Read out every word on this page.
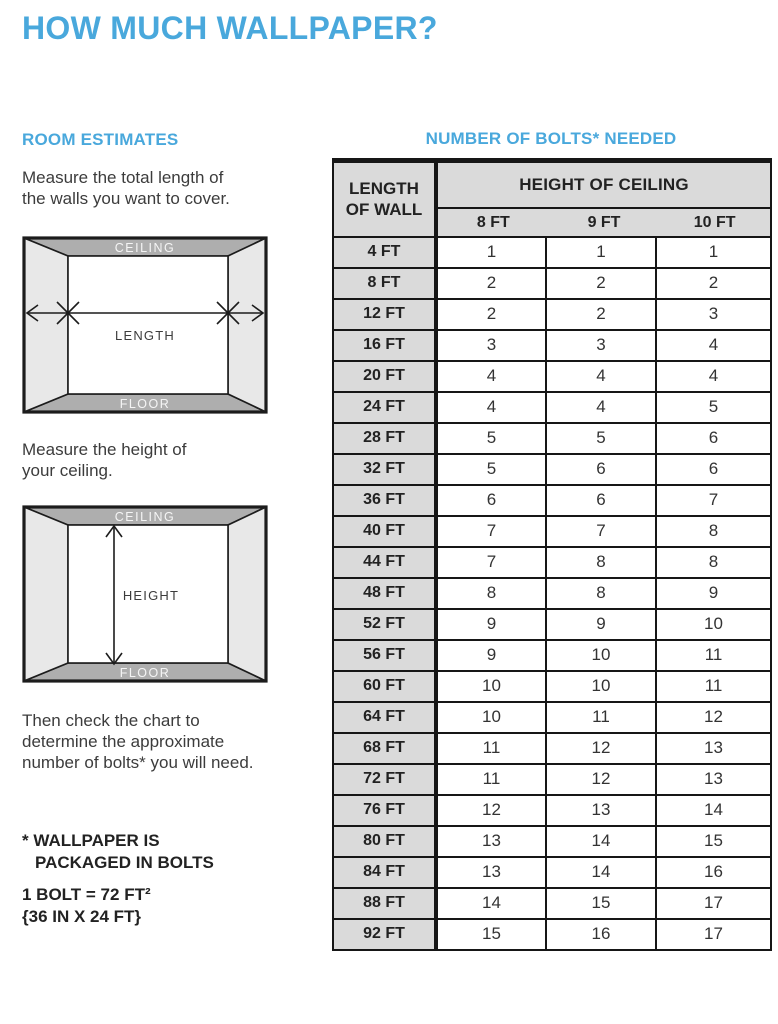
HOW MUCH WALLPAPER?
ROOM ESTIMATES
Measure the total length of
the walls you want to cover.
CEILING
FLOOR
LENGTH
Measure the height of
your ceiling.
CEILING
FLOOR
HEIGHT
Then check the chart to
determine the approximate
number of bolts* you will need.
* WALLPAPER IS
PACKAGED IN BOLTS
1 BOLT = 72 FT²
{36 IN X 24 FT}
NUMBER OF BOLTS* NEEDED
LENGTH
OF WALL	HEIGHT OF CEILING		

	8 FT 9 FT 10 FT		

4 FT	1	1	1
8 FT	2	2	2
12 FT	2	2	3
16 FT	3	3	4
20 FT	4	4	4
24 FT	4	4	5
28 FT	5	5	6
32 FT	5	6	6
36 FT	6	6	7
40 FT	7	7	8
44 FT	7	8	8
48 FT	8	8	9
52 FT	9	9	10
56 FT	9	10	11
60 FT	10	10	11
64 FT	10	11	12
68 FT	11	12	13
72 FT	11	12	13
76 FT	12	13	14
80 FT	13	14	15
84 FT	13	14	16
88 FT	14	15	17
92 FT	15	16	17
